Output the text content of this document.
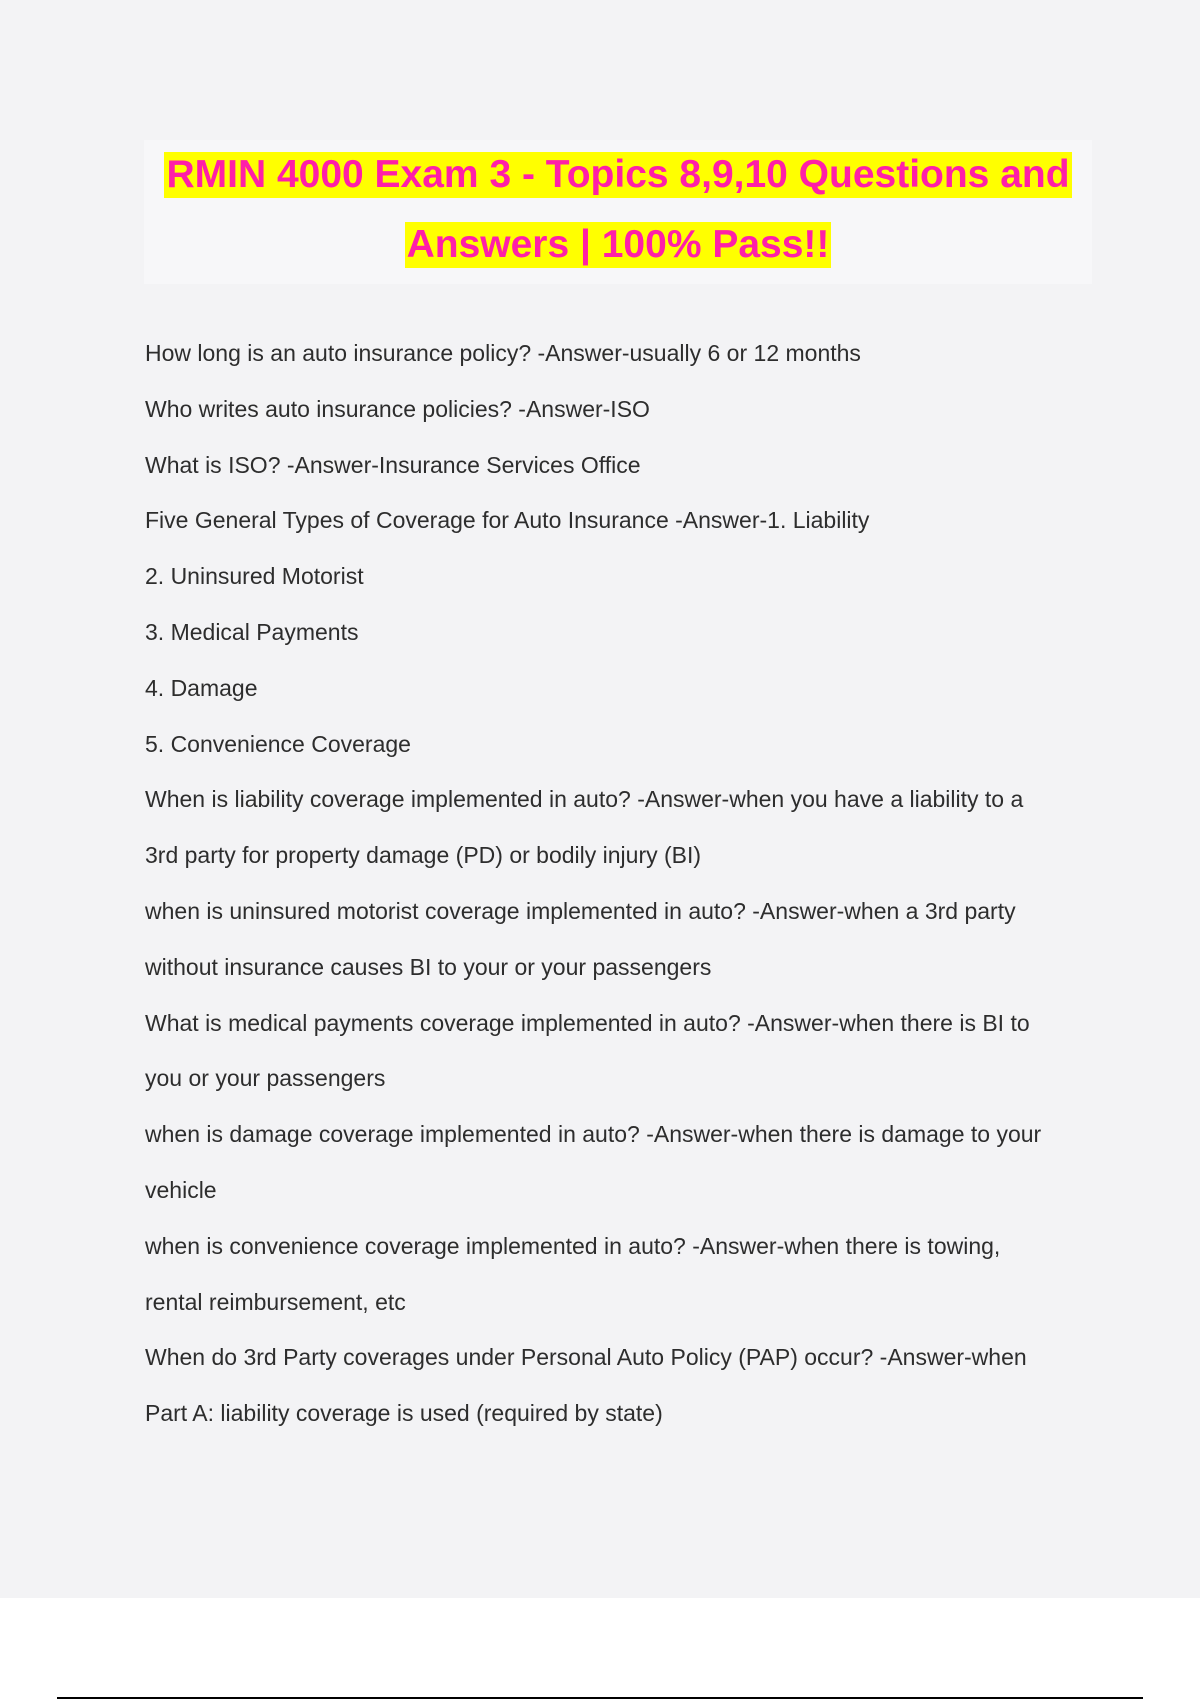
RMIN 4000 Exam 3 - Topics 8,9,10 Questions and
Answers | 100% Pass!!
How long is an auto insurance policy? -Answer-usually 6 or 12 months
Who writes auto insurance policies? -Answer-ISO
What is ISO? -Answer-Insurance Services Office
Five General Types of Coverage for Auto Insurance -Answer-1. Liability
2. Uninsured Motorist
3. Medical Payments
4. Damage
5. Convenience Coverage
When is liability coverage implemented in auto? -Answer-when you have a liability to a
3rd party for property damage (PD) or bodily injury (BI)
when is uninsured motorist coverage implemented in auto? -Answer-when a 3rd party
without insurance causes BI to your or your passengers
What is medical payments coverage implemented in auto? -Answer-when there is BI to
you or your passengers
when is damage coverage implemented in auto? -Answer-when there is damage to your
vehicle
when is convenience coverage implemented in auto? -Answer-when there is towing,
rental reimbursement, etc
When do 3rd Party coverages under Personal Auto Policy (PAP) occur? -Answer-when
Part A: liability coverage is used (required by state)
